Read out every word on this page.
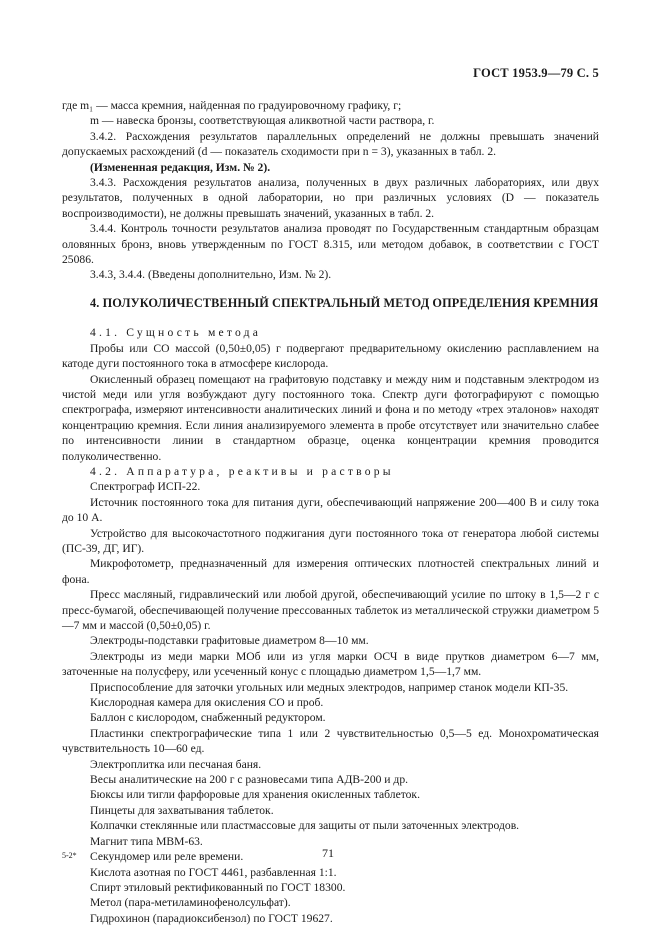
ГОСТ 1953.9—79 С. 5

где m₁ — масса кремния, найденная по градуировочному графику, г;

m — навеска бронзы, соответствующая аликвотной части раствора, г.

3.4.2. Расхождения результатов параллельных определений не должны превышать значений допускаемых расхождений (d — показатель сходимости при n = 3), указанных в табл. 2.

(Измененная редакция, Изм. № 2).

3.4.3. Расхождения результатов анализа, полученных в двух различных лабораториях, или двух результатов, полученных в одной лаборатории, но при различных условиях (D — показатель воспроизводимости), не должны превышать значений, указанных в табл. 2.

3.4.4. Контроль точности результатов анализа проводят по Государственным стандартным образцам оловянных бронз, вновь утвержденным по ГОСТ 8.315, или методом добавок, в соответствии с ГОСТ 25086.

3.4.3, 3.4.4. (Введены дополнительно, Изм. № 2).

4. ПОЛУКОЛИЧЕСТВЕННЫЙ СПЕКТРАЛЬНЫЙ МЕТОД ОПРЕДЕЛЕНИЯ КРЕМНИЯ

4.1. Сущность метода

Пробы или СО массой (0,50±0,05) г подвергают предварительному окислению расплавлением на катоде дуги постоянного тока в атмосфере кислорода.

Окисленный образец помещают на графитовую подставку и между ним и подставным электродом из чистой меди или угля возбуждают дугу постоянного тока. Спектр дуги фотографируют с помощью спектрографа, измеряют интенсивности аналитических линий и фона и по методу «трех эталонов» находят концентрацию кремния. Если линия анализируемого элемента в пробе отсутствует или значительно слабее по интенсивности линии в стандартном образце, оценка концентрации кремния проводится полуколичественно.

4.2. Аппаратура, реактивы и растворы

Спектрограф ИСП-22.

Источник постоянного тока для питания дуги, обеспечивающий напряжение 200—400 В и силу тока до 10 А.

Устройство для высокочастотного поджигания дуги постоянного тока от генератора любой системы (ПС-39, ДГ, ИГ).

Микрофотометр, предназначенный для измерения оптических плотностей спектральных линий и фона.

Пресс масляный, гидравлический или любой другой, обеспечивающий усилие по штоку в 1,5—2 г с пресс-бумагой, обеспечивающей получение прессованных таблеток из металлической стружки диаметром 5—7 мм и массой (0,50±0,05) г.

Электроды-подставки графитовые диаметром 8—10 мм.

Электроды из меди марки МОб или из угля марки ОСЧ в виде прутков диаметром 6—7 мм, заточенные на полусферу, или усеченный конус с площадью диаметром 1,5—1,7 мм.

Приспособление для заточки угольных или медных электродов, например станок модели КП-35.

Кислородная камера для окисления СО и проб.

Баллон с кислородом, снабженный редуктором.

Пластинки спектрографические типа 1 или 2 чувствительностью 0,5—5 ед. Монохроматическая чувствительность 10—60 ед.

Электроплитка или песчаная баня.

Весы аналитические на 200 г с разновесами типа АДВ-200 и др.

Бюксы или тигли фарфоровые для хранения окисленных таблеток.

Пинцеты для захватывания таблеток.

Колпачки стеклянные или пластмассовые для защиты от пыли заточенных электродов.

Магнит типа МВМ-63.

Секундомер или реле времени.

Кислота азотная по ГОСТ 4461, разбавленная 1:1.

Спирт этиловый ректификованный по ГОСТ 18300.

Метол (пара-метиламинофенолсульфат).

Гидрохинон (парадиоксибензол) по ГОСТ 19627.

5-2*	71
